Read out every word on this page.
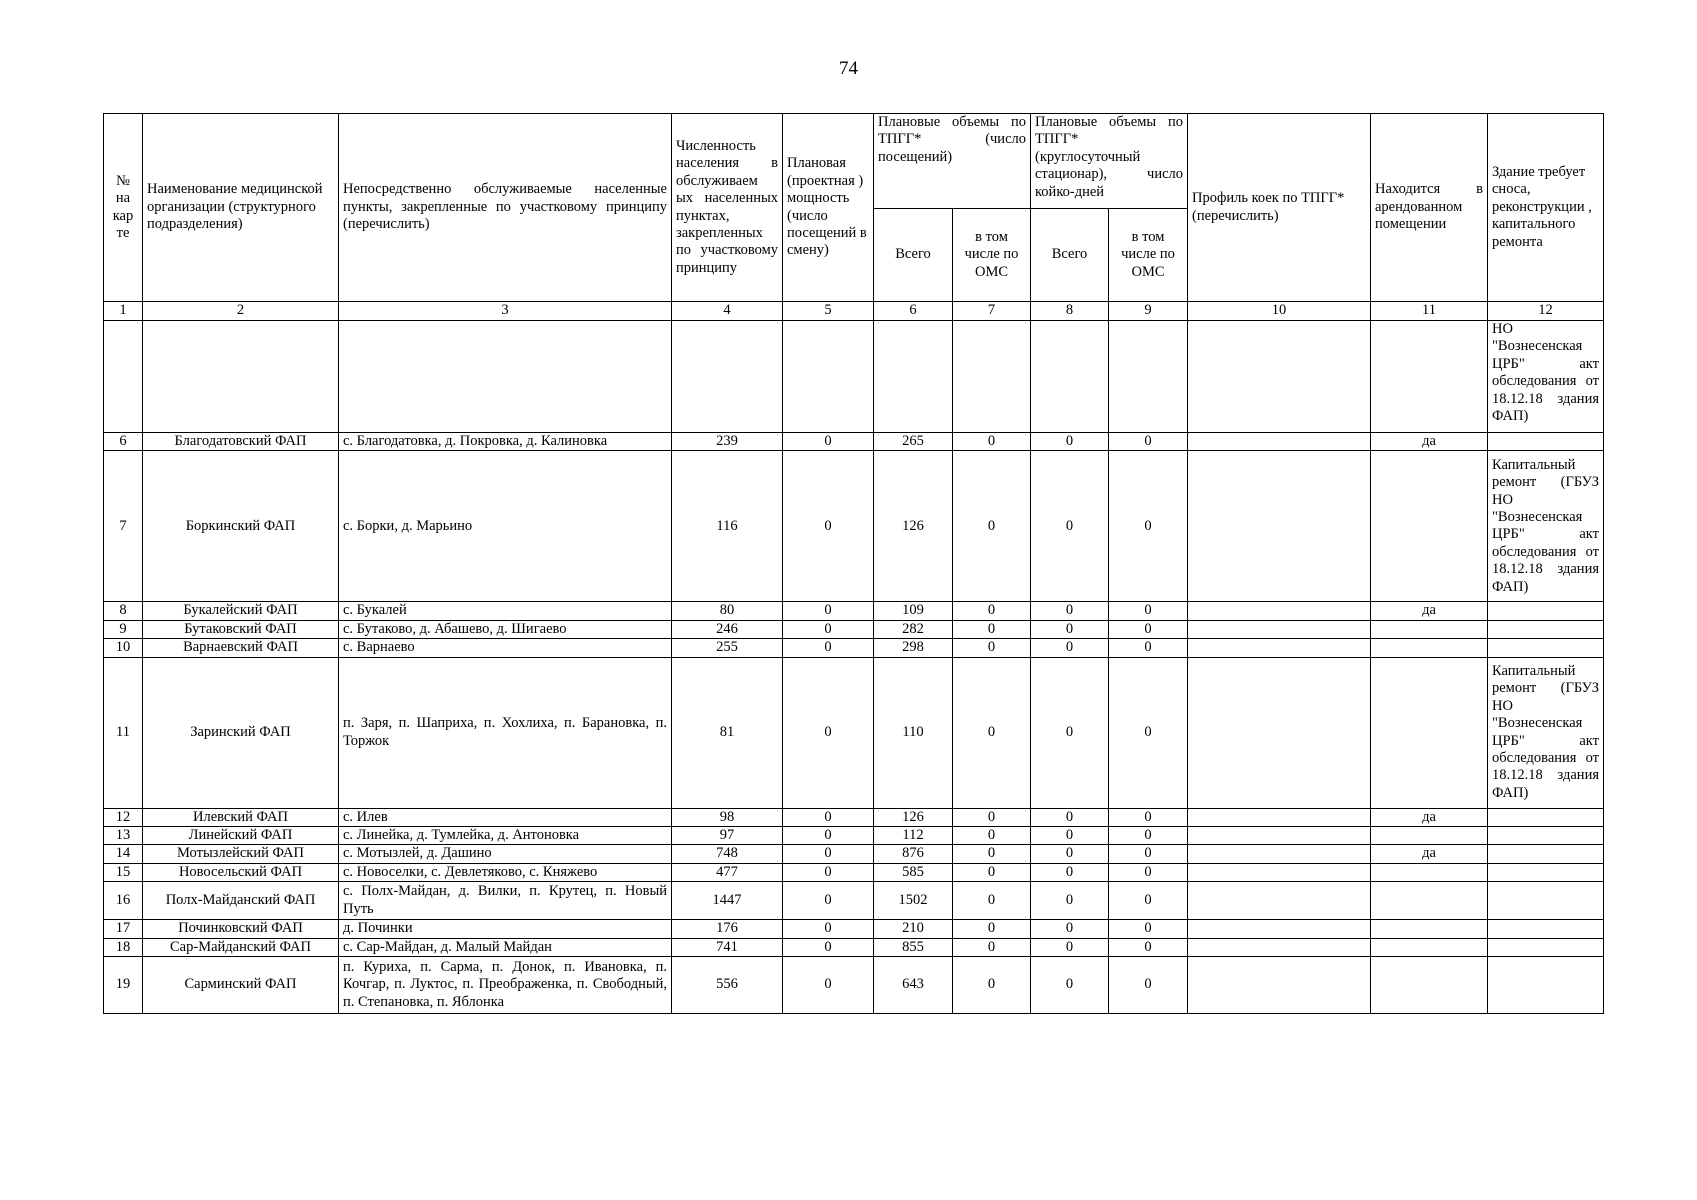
74
№ на кар те	Наименование медицинской организации (структурного подразделения)	Непосредственно обслуживаемые населенные пункты, закрепленные по участковому принципу (перечислить)	Численность населения в обслуживаем ых населенных пунктах, закрепленных по участковому принципу	Плановая (проектная ) мощность (число посещений в смену)	Плановые объемы по ТПГГ* (число посещений)		Плановые объемы по ТПГГ* (круглосуточный стационар), число койко-дней		Профиль коек по ТПГГ* (перечислить)	Находится в арендованном помещении	Здание требует сноса, реконструкции , капитального ремонта
					Всего	в том числе по ОМС	Всего	в том числе по ОМС			
1	2	3	4	5	6	7	8	9	10	11	12
											НО "Вознесенская ЦРБ" акт обследования от 18.12.18 здания ФАП)
6	Благодатовский ФАП	с. Благодатовка, д. Покровка, д. Калиновка	239	0	265	0	0	0		да	
7	Боркинский ФАП	с. Борки, д. Марьино	116	0	126	0	0	0			Капитальный ремонт (ГБУЗ НО "Вознесенская ЦРБ" акт обследования от 18.12.18 здания ФАП)
8	Букалейский ФАП	с. Букалей	80	0	109	0	0	0		да	
9	Бутаковский ФАП	с. Бутаково, д. Абашево, д. Шигаево	246	0	282	0	0	0			
10	Варнаевский ФАП	с. Варнаево	255	0	298	0	0	0			
11	Заринский ФАП	п. Заря, п. Шаприха, п. Хохлиха, п. Барановка, п. Торжок	81	0	110	0	0	0			Капитальный ремонт (ГБУЗ НО "Вознесенская ЦРБ" акт обследования от 18.12.18 здания ФАП)
12	Илевский ФАП	с. Илев	98	0	126	0	0	0		да	
13	Линейский ФАП	с. Линейка, д. Тумлейка, д. Антоновка	97	0	112	0	0	0			
14	Мотызлейский ФАП	с. Мотызлей, д. Дашино	748	0	876	0	0	0		да	
15	Новосельский ФАП	с. Новоселки, с. Девлетяково, с. Княжево	477	0	585	0	0	0			
16	Полх-Майданский ФАП	с. Полх-Майдан, д. Вилки, п. Крутец, п. Новый Путь	1447	0	1502	0	0	0			
17	Починковский ФАП	д. Починки	176	0	210	0	0	0			
18	Сар-Майданский ФАП	с. Сар-Майдан, д. Малый Майдан	741	0	855	0	0	0			
19	Сарминский ФАП	п. Куриха, п. Сарма, п. Донок, п. Ивановка, п. Кочгар, п. Луктос, п. Преображенка, п. Свободный, п. Степановка, п. Яблонка	556	0	643	0	0	0			
